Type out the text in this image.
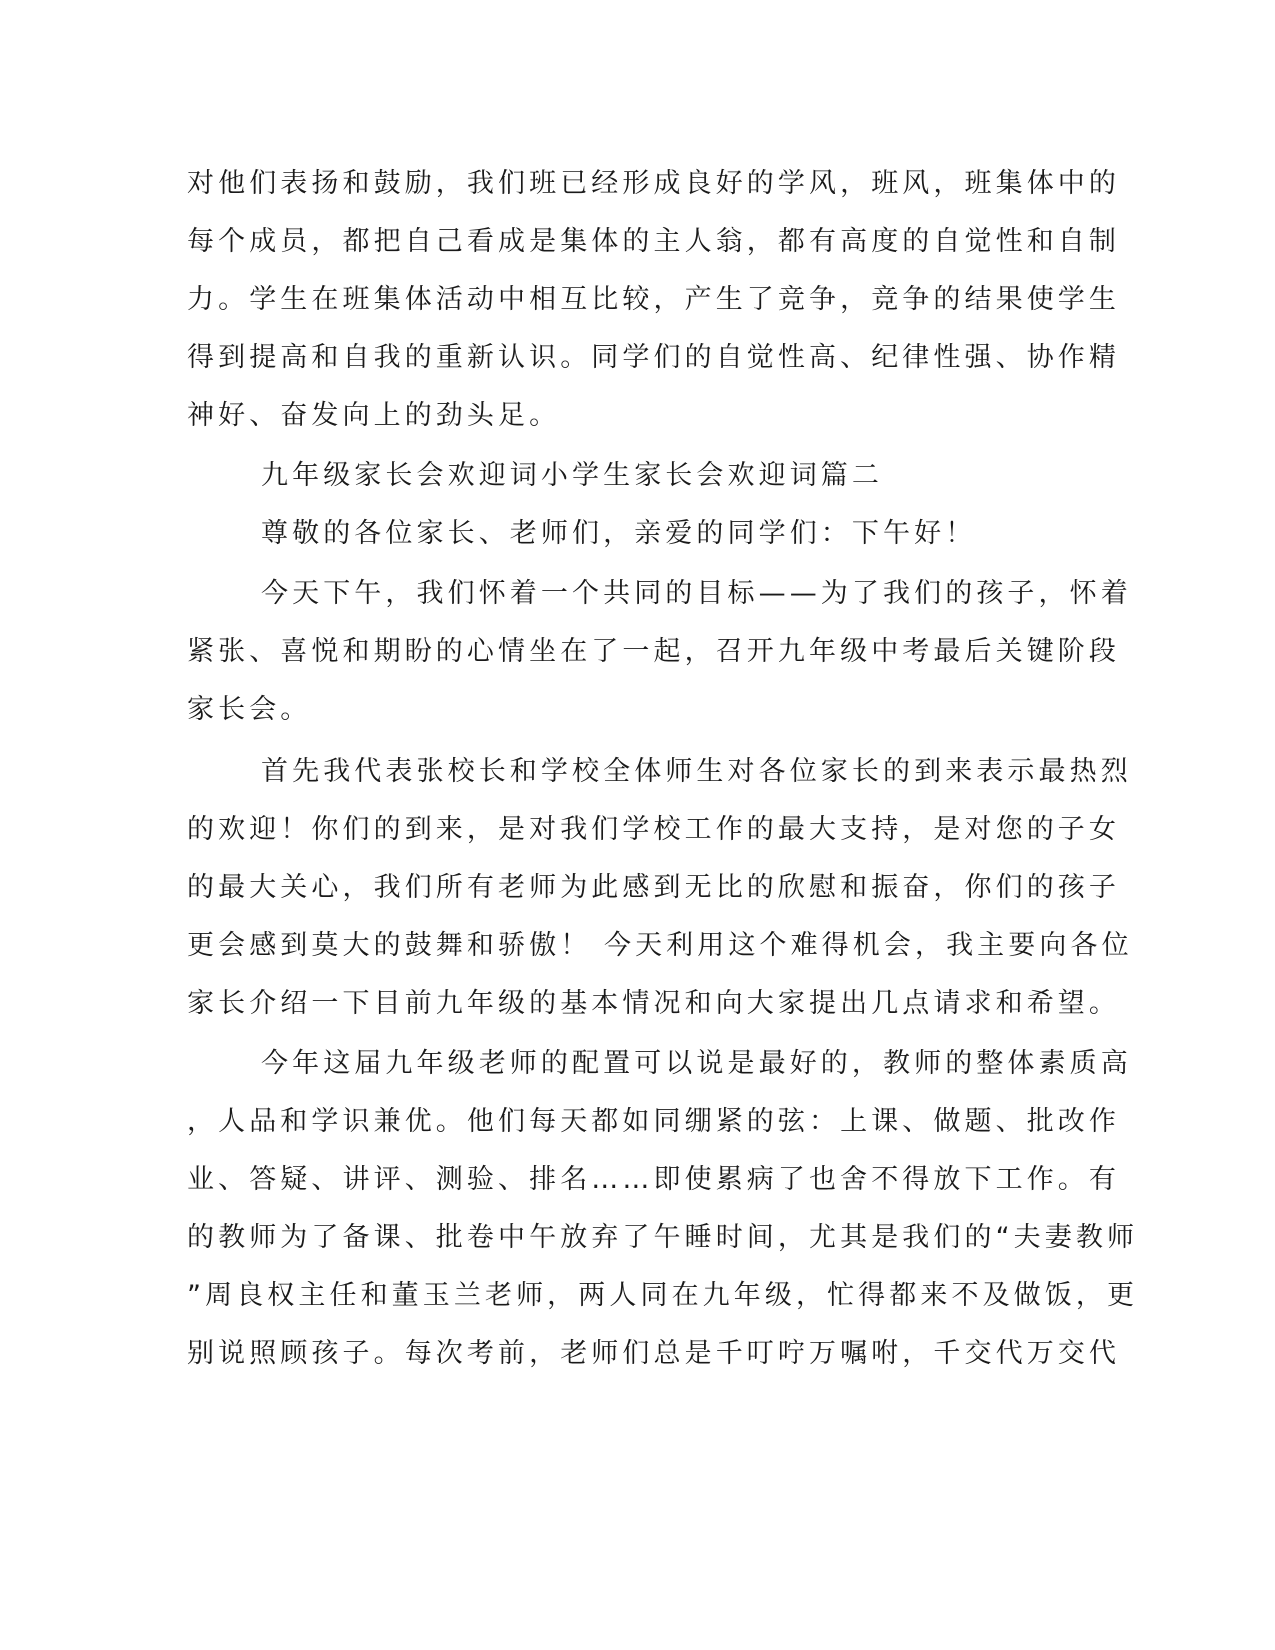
对他们表扬和鼓励，我们班已经形成良好的学风，班风，班集体中的

每个成员，都把自己看成是集体的主人翁，都有高度的自觉性和自制

力。学生在班集体活动中相互比较，产生了竞争，竞争的结果使学生

得到提高和自我的重新认识。同学们的自觉性高、纪律性强、协作精

神好、奋发向上的劲头足。

九年级家长会欢迎词小学生家长会欢迎词篇二

尊敬的各位家长、老师们，亲爱的同学们：下午好！

今天下午，我们怀着一个共同的目标——为了我们的孩子，怀着

紧张、喜悦和期盼的心情坐在了一起，召开九年级中考最后关键阶段

家长会。

首先我代表张校长和学校全体师生对各位家长的到来表示最热烈

的欢迎！你们的到来，是对我们学校工作的最大支持，是对您的子女

的最大关心，我们所有老师为此感到无比的欣慰和振奋，你们的孩子

更会感到莫大的鼓舞和骄傲！ 今天利用这个难得机会，我主要向各位

家长介绍一下目前九年级的基本情况和向大家提出几点请求和希望。

今年这届九年级老师的配置可以说是最好的，教师的整体素质高

，人品和学识兼优。他们每天都如同绷紧的弦：上课、做题、批改作

业、答疑、讲评、测验、排名……即使累病了也舍不得放下工作。有

的教师为了备课、批卷中午放弃了午睡时间，尤其是我们的“夫妻教师

”周良权主任和董玉兰老师，两人同在九年级，忙得都来不及做饭，更

别说照顾孩子。每次考前，老师们总是千叮咛万嘱咐，千交代万交代
